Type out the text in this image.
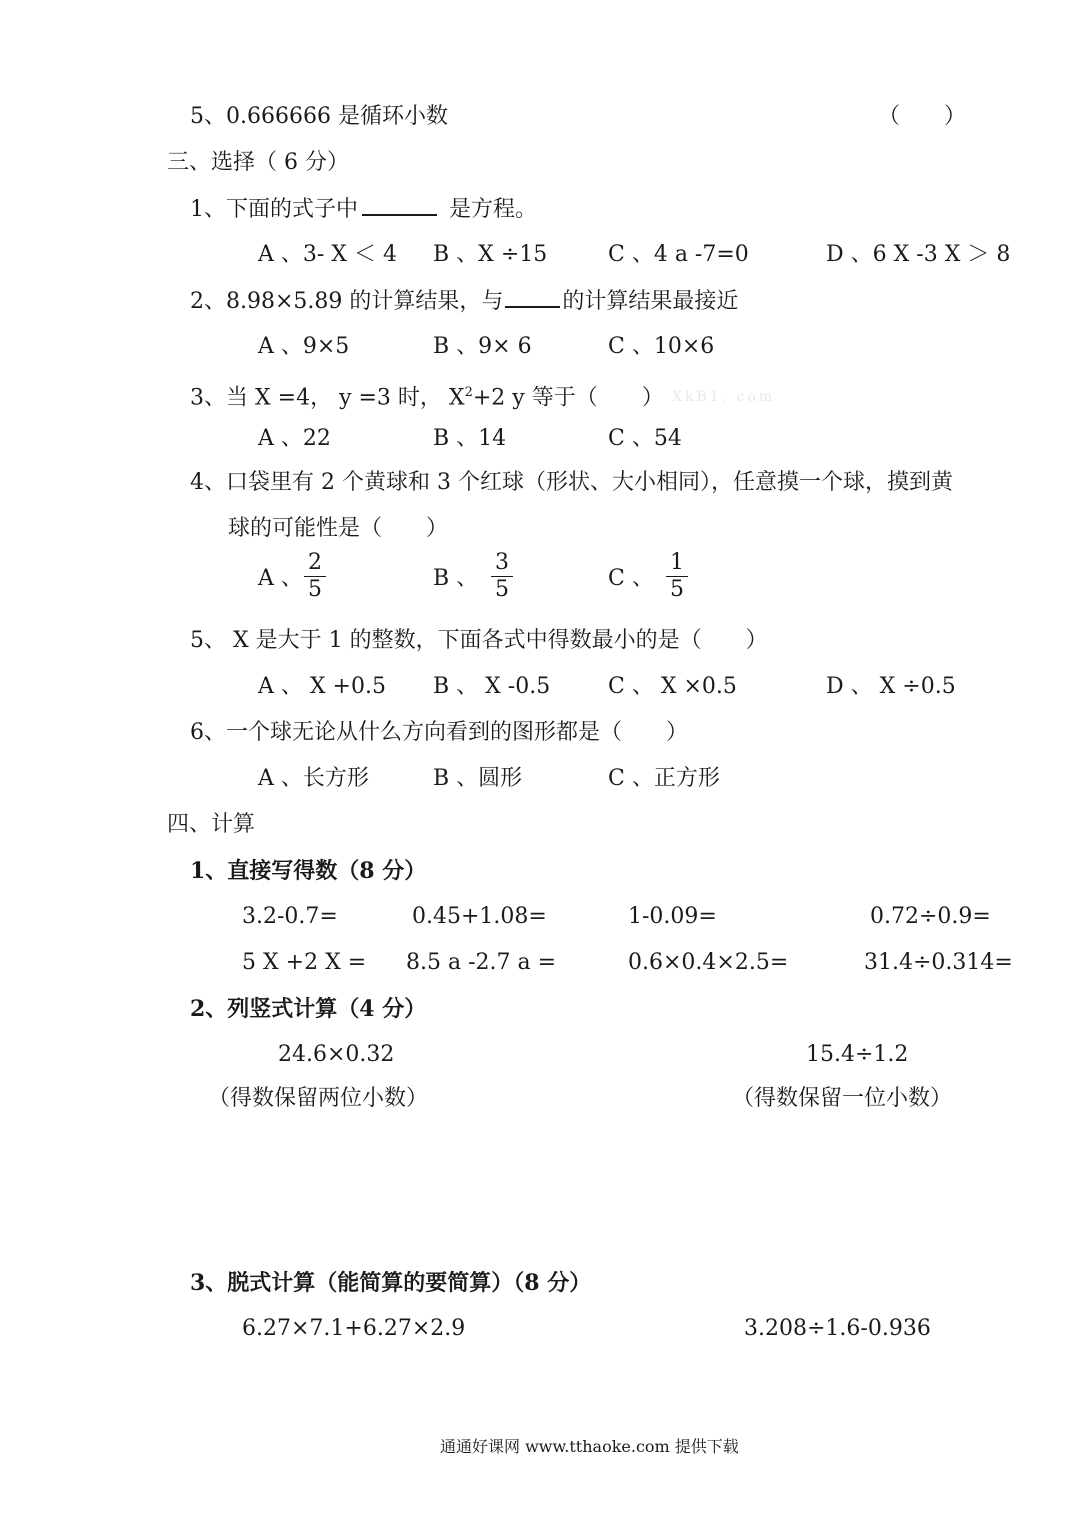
5、0.666666 是循环小数	（　　）
三、选择（ 6 分）
1、下面的式子中	是方程。
A 、3- X ＜ 4 B 、X ÷15	C 、4 a -7=0	D 、6 X -3 X ＞ 8
2、8.98×5.89 的计算结果，与	的计算结果最接近
A 、9×5	B 、9× 6	C 、10×6
3、当 X =4， y =3 时， $X^2+2$ y 等于（　　） XkB1. com
A 、22	B 、14	C 、54
4、口袋里有 2 个黄球和 3 个红球（形状、大小相同），任意摸一个球，摸到黄
球的可能性是（　　）
A 、
2
5	B 、
3
5	C 、
1
5
5、 X 是大于 1 的整数，下面各式中得数最小的是（　　）
A 、 X +0.5 B 、 X -0.5	C 、 X ×0.5	D 、 X ÷0.5
6、一个球无论从什么方向看到的图形都是（　　）
A 、长方形	B 、圆形	C 、正方形
四、计算
1、直接写得数（8 分）
3.2-0.7=	0.45+1.08=	1-0.09=	0.72÷0.9=
5 X +2 X = 8.5 a -2.7 a =	0.6×0.4×2.5=	31.4÷0.314=
2、列竖式计算（4 分）
24.6×0.32	15.4÷1.2
（得数保留两位小数）	（得数保留一位小数）
3、脱式计算（能简算的要简算）（8 分）
6.27×7.1+6.27×2.9	3.208÷1.6-0.936
通通好课网 www.tthaoke.com 提供下载
